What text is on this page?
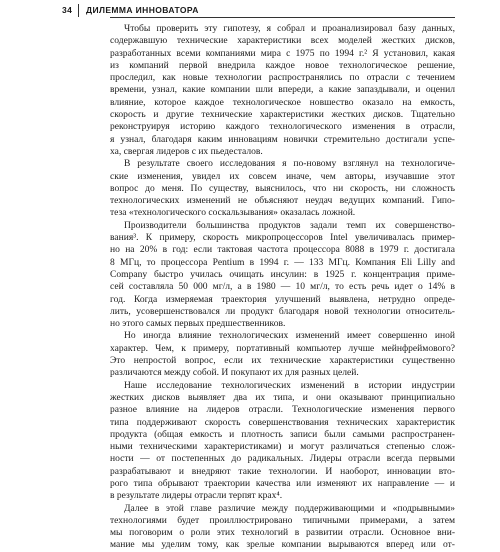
34 ДИЛЕММА ИННОВАТОРА
Чтобы проверить эту гипотезу, я собрал и проанализировал базу данных,
содержавшую технические характеристики всех моделей жестких дисков,
разработанных всеми компаниями мира с 1975 по 1994 г.² Я установил, какая
из компаний первой внедрила каждое новое технологическое решение,
проследил, как новые технологии распространялись по отрасли с течением
времени, узнал, какие компании шли впереди, а какие запаздывали, и оценил
влияние, которое каждое технологическое новшество оказало на емкость,
скорость и другие технические характеристики жестких дисков. Тщательно
реконструируя историю каждого технологического изменения в отрасли,
я узнал, благодаря каким инновациям новички стремительно достигали успе-
ха, свергая лидеров с их пьедесталов.
В результате своего исследования я по-новому взглянул на технологиче-
ские изменения, увидел их совсем иначе, чем авторы, изучавшие этот
вопрос до меня. По существу, выяснилось, что ни скорость, ни сложность
технологических изменений не объясняют неудач ведущих компаний. Гипо-
теза «технологического соскальзывания» оказалась ложной.
Производители большинства продуктов задали темп их совершенство-
вания³. К примеру, скорость микропроцессоров Intel увеличивалась пример-
но на 20% в год: если тактовая частота процессора 8088 в 1979 г. достигала
8 МГц, то процессора Pentium в 1994 г. — 133 МГц. Компания Eli Lilly and
Company быстро училась очищать инсулин: в 1925 г. концентрация приме-
сей составляла 50 000 мг/л, а в 1980 — 10 мг/л, то есть речь идет о 14% в
год. Когда измеряемая траектория улучшений выявлена, нетрудно опреде-
лить, усовершенствовался ли продукт благодаря новой технологии относитель-
но этого самых первых предшественников.
Но иногда влияние технологических изменений имеет совершенно иной
характер. Чем, к примеру, портативный компьютер лучше мейнфреймового?
Это непростой вопрос, если их технические характеристики существенно
различаются между собой. И покупают их для разных целей.
Наше исследование технологических изменений в истории индустрии
жестких дисков выявляет два их типа, и они оказывают принципиально
разное влияние на лидеров отрасли. Технологические изменения первого
типа поддерживают скорость совершенствования технических характеристик
продукта (общая емкость и плотность записи были самыми распространен-
ными техническими характеристиками) и могут различаться степенью слож-
ности — от постепенных до радикальных. Лидеры отрасли всегда первыми
разрабатывают и внедряют такие технологии. И наоборот, инновации вто-
рого типа обрывают траектории качества или изменяют их направление — и
в результате лидеры отрасли терпят крах⁴.
Далее в этой главе различие между поддерживающими и «подрывными»
технологиями будет проиллюстрировано типичными примерами, а затем
мы поговорим о роли этих технологий в развитии отрасли. Основное вни-
мание мы уделим тому, как зрелые компании вырываются вперед или от-
